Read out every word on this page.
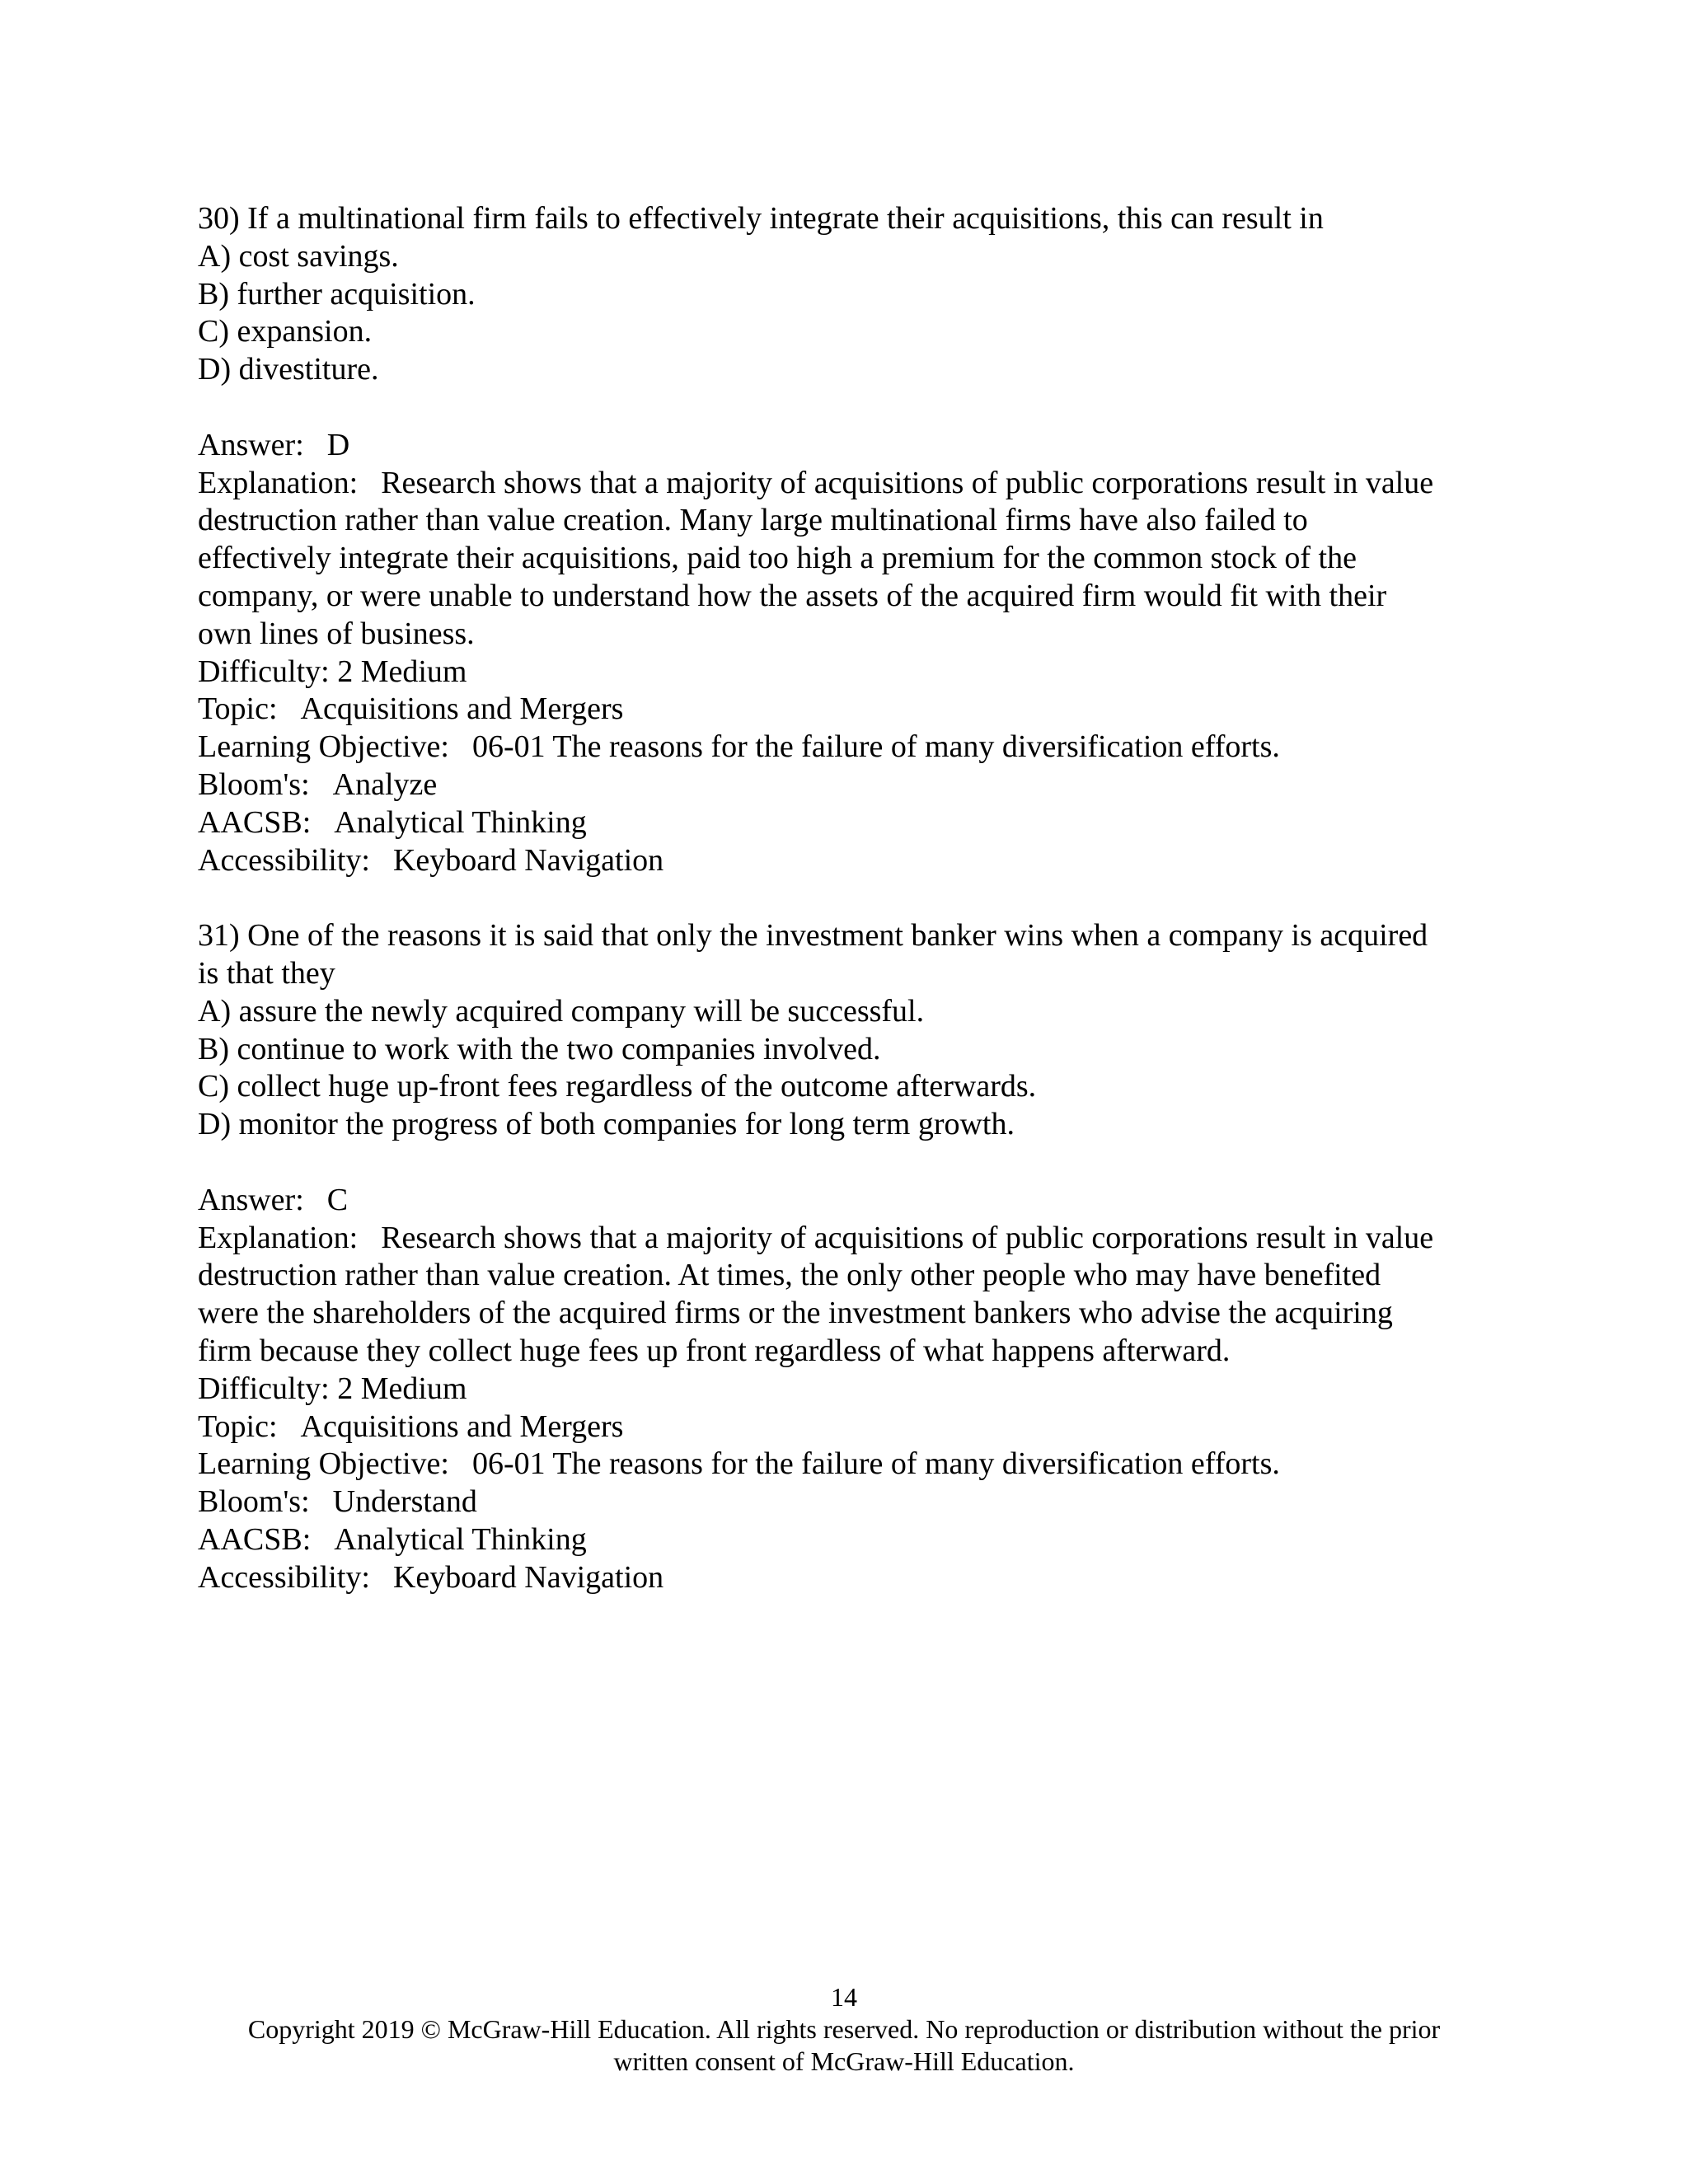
30) If a multinational firm fails to effectively integrate their acquisitions, this can result in
A) cost savings.
B) further acquisition.
C) expansion.
D) divestiture.
Answer: D
Explanation: Research shows that a majority of acquisitions of public corporations result in value
destruction rather than value creation. Many large multinational firms have also failed to
effectively integrate their acquisitions, paid too high a premium for the common stock of the
company, or were unable to understand how the assets of the acquired firm would fit with their
own lines of business.
Difficulty: 2 Medium
Topic: Acquisitions and Mergers
Learning Objective: 06-01 The reasons for the failure of many diversification efforts.
Bloom's: Analyze
AACSB: Analytical Thinking
Accessibility: Keyboard Navigation
31) One of the reasons it is said that only the investment banker wins when a company is acquired
is that they
A) assure the newly acquired company will be successful.
B) continue to work with the two companies involved.
C) collect huge up-front fees regardless of the outcome afterwards.
D) monitor the progress of both companies for long term growth.
Answer: C
Explanation: Research shows that a majority of acquisitions of public corporations result in value
destruction rather than value creation. At times, the only other people who may have benefited
were the shareholders of the acquired firms or the investment bankers who advise the acquiring
firm because they collect huge fees up front regardless of what happens afterward.
Difficulty: 2 Medium
Topic: Acquisitions and Mergers
Learning Objective: 06-01 The reasons for the failure of many diversification efforts.
Bloom's: Understand
AACSB: Analytical Thinking
Accessibility: Keyboard Navigation
14
Copyright 2019 © McGraw-Hill Education. All rights reserved. No reproduction or distribution without the prior
written consent of McGraw-Hill Education.
